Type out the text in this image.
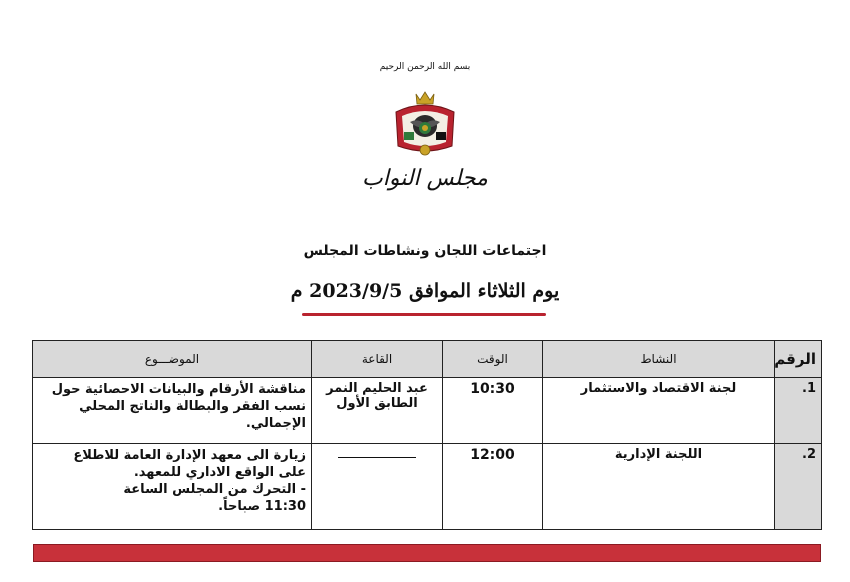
بسم الله الرحمن الرحيم
مجلس النواب
اجتماعات اللجان ونشاطات المجلس
يوم الثلاثاء الموافق 2023/9/5 م
الرقم	النشاط	الوقت	القاعة	الموضـــوع
1.	لجنة الاقتصاد والاستثمار	10:30	عبد الحليم النمر
الطابق الأول	مناقشة الأرقام والبيانات الاحصائية حول
نسب الفقر والبطالة والناتج المحلي
الإجمالي.

2.	اللجنة الإدارية	12:00		زيارة الى معهد الإدارة العامة للاطلاع
على الواقع الاداري للمعهد.
- التحرك من المجلس الساعة
11:30 صباحاً.
